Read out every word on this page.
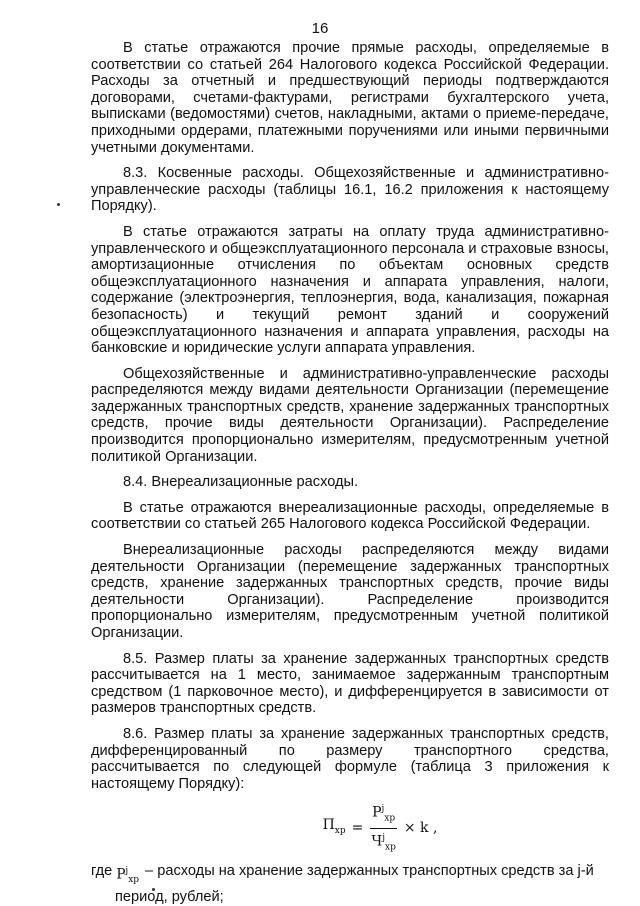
16

В статье отражаются прочие прямые расходы, определяемые в соответствии со статьей 264 Налогового кодекса Российской Федерации. Расходы за отчетный и предшествующий периоды подтверждаются договорами, счетами-фактурами, регистрами бухгалтерского учета, выписками (ведомостями) счетов, накладными, актами о приеме-передаче, приходными ордерами, платежными поручениями или иными первичными учетными документами.

8.3. Косвенные расходы. Общехозяйственные и административно-управленческие расходы (таблицы 16.1, 16.2 приложения к настоящему Порядку).

В статье отражаются затраты на оплату труда административно-управленческого и общеэксплуатационного персонала и страховые взносы, амортизационные отчисления по объектам основных средств общеэксплуатационного назначения и аппарата управления, налоги, содержание (электроэнергия, теплоэнергия, вода, канализация, пожарная безопасность) и текущий ремонт зданий и сооружений общеэксплуатационного назначения и аппарата управления, расходы на банковские и юридические услуги аппарата управления.

Общехозяйственные и административно-управленческие расходы распределяются между видами деятельности Организации (перемещение задержанных транспортных средств, хранение задержанных транспортных средств, прочие виды деятельности Организации). Распределение производится пропорционально измерителям, предусмотренным учетной политикой Организации.

8.4. Внереализационные расходы.

В статье отражаются внереализационные расходы, определяемые в соответствии со статьей 265 Налогового кодекса Российской Федерации.

Внереализационные расходы распределяются между видами деятельности Организации (перемещение задержанных транспортных средств, хранение задержанных транспортных средств, прочие виды деятельности Организации). Распределение производится пропорционально измерителям, предусмотренным учетной политикой Организации.

8.5. Размер платы за хранение задержанных транспортных средств рассчитывается на 1 место, занимаемое задержанным транспортным средством (1 парковочное место), и дифференцируется в зависимости от размеров транспортных средств.

8.6. Размер платы за хранение задержанных транспортных средств, дифференцированный по размеру транспортного средства, рассчитывается по следующей формуле (таблица 3 приложения к настоящему Порядку):

$П_{хр} = \frac{Р^j_{хр}}{Ч^j_{хр}} \times k$ ,
где $Р^j_{хр}$
– расходы на хранение задержанных транспортных средств за j-й
период, рублей;
